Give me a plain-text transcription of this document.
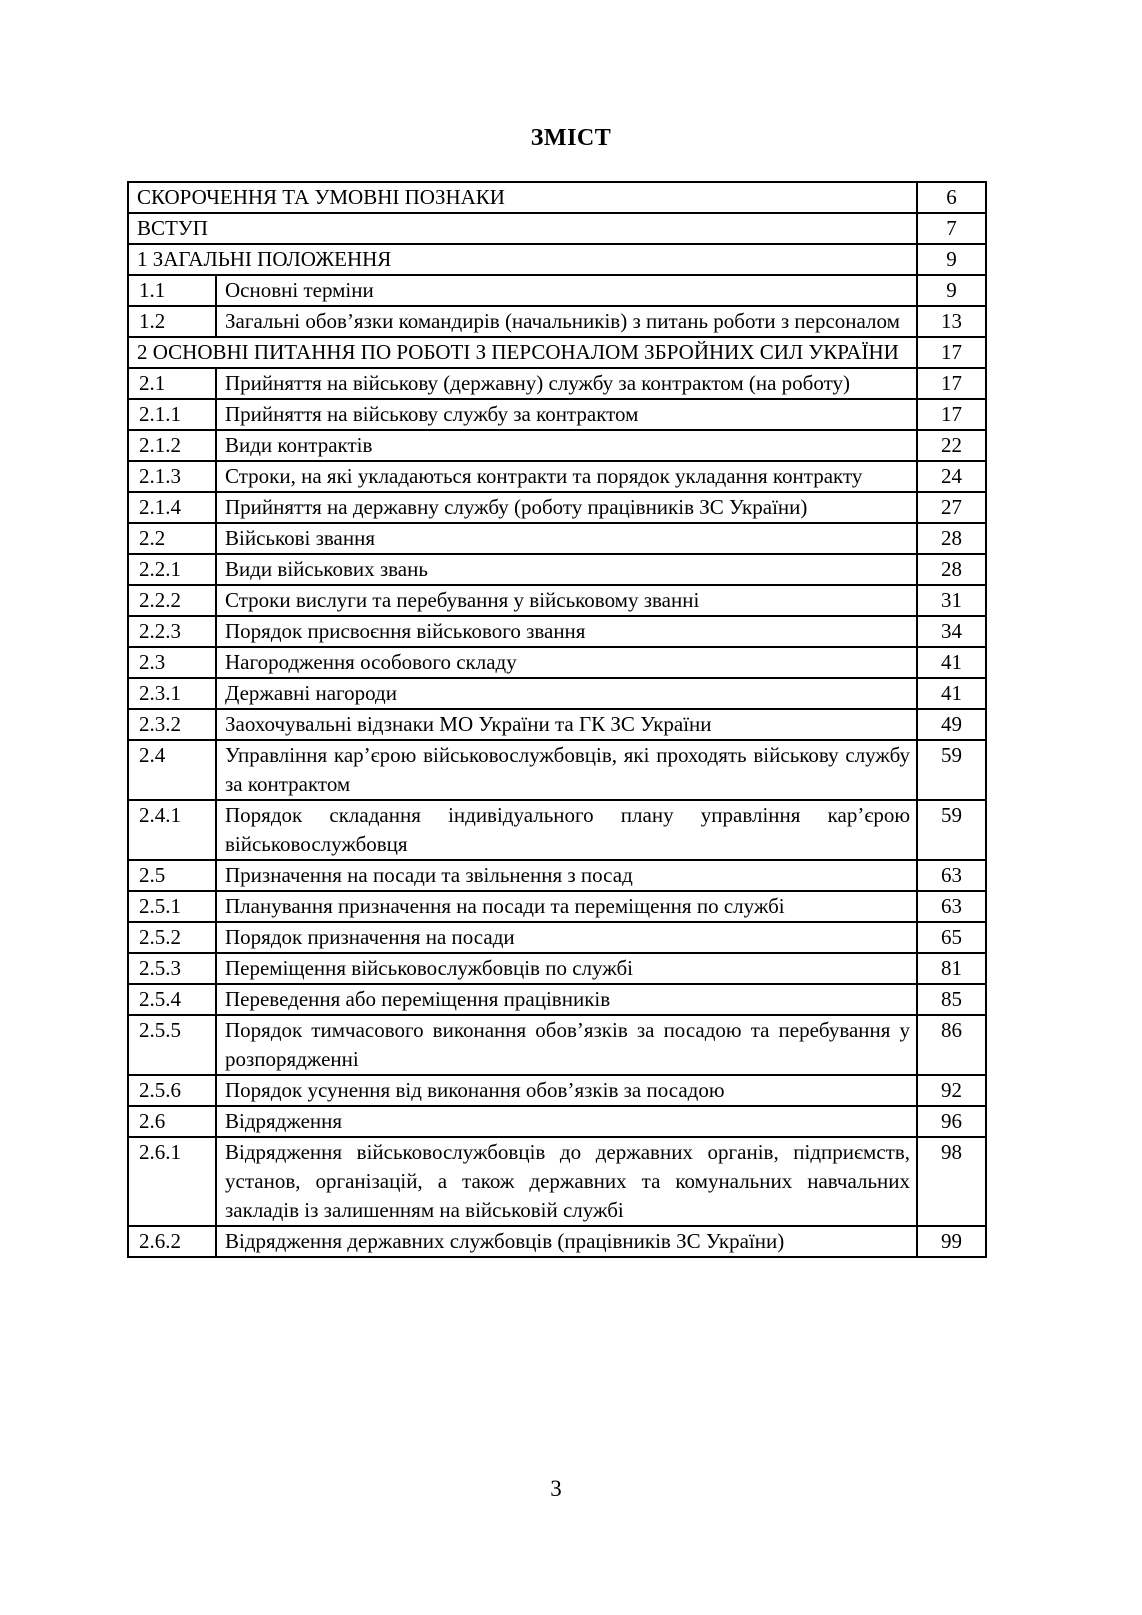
ЗМІСТ
СКОРОЧЕННЯ ТА УМОВНІ ПОЗНАКИ		6
ВСТУП		7
1 ЗАГАЛЬНІ ПОЛОЖЕННЯ		9
1.1	Основні терміни	9
1.2	Загальні обов’язки командирів (начальників) з питань роботи з персоналом	13
2 ОСНОВНІ ПИТАННЯ ПО РОБОТІ З ПЕРСОНАЛОМ ЗБРОЙНИХ СИЛ УКРАЇНИ		17
2.1	Прийняття на військову (державну) службу за контрактом (на роботу)	17
2.1.1	Прийняття на військову службу за контрактом	17
2.1.2	Види контрактів	22
2.1.3	Строки, на які укладаються контракти та порядок укладання контракту	24
2.1.4	Прийняття на державну службу (роботу працівників ЗС України)	27
2.2	Військові звання	28
2.2.1	Види військових звань	28
2.2.2	Строки вислуги та перебування у військовому званні	31
2.2.3	Порядок присвоєння військового звання	34
2.3	Нагородження особового складу	41
2.3.1	Державні нагороди	41
2.3.2	Заохочувальні відзнаки МО України та ГК ЗС України	49
2.4	Управління кар’єрою військовослужбовців, які проходять військову службу за контрактом	59
2.4.1	Порядок складання індивідуального плану управління кар’єрою військовослужбовця	59
2.5	Призначення на посади та звільнення з посад	63
2.5.1	Планування призначення на посади та переміщення по службі	63
2.5.2	Порядок призначення на посади	65
2.5.3	Переміщення військовослужбовців по службі	81
2.5.4	Переведення або переміщення працівників	85
2.5.5	Порядок тимчасового виконання обов’язків за посадою та перебування у розпорядженні	86
2.5.6	Порядок усунення від виконання обов’язків за посадою	92
2.6	Відрядження	96
2.6.1	Відрядження військовослужбовців до державних органів, підприємств, установ, організацій, а також державних та комунальних навчальних закладів із залишенням на військовій службі	98
2.6.2	Відрядження державних службовців (працівників ЗС України)	99
3
